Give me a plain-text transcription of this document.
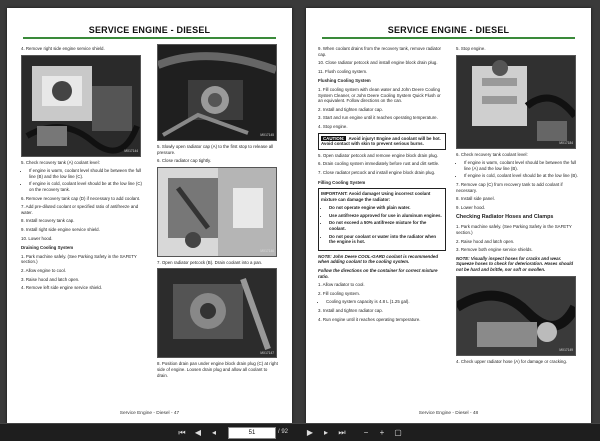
SERVICE ENGINE - DIESEL

4. Remove right side engine service shield.

MX17144

5. Check recovery tank (A) coolant level:

• If engine is warm, coolant level should be between the full line (B) and the low line (C).
• If engine is cold, coolant level should be at the low line (C) on the recovery tank.

6. Remove recovery tank cap (D) if necessary to add coolant.

7. Add pre-diluted coolant or specified ratio of antifreeze and water.

8. Install recovery tank cap.

9. Install right side engine service shield.

10. Lower hood.

Draining Cooling System

1. Park machine safely. (See Parking Safety in the SAFETY section.)

2. Allow engine to cool.

3. Raise hood and latch open.

4. Remove left side engine service shield.

MX17145

5. Slowly open radiator cap (A) to the first stop to release all pressure.

6. Close radiator cap tightly.

MX17146

7. Open radiator petcock (B). Drain coolant into a pan.

MX17147

8. Position drain pan under engine block drain plug (C) at right side of engine. Loosen drain plug and allow all coolant to drain.

Service Engine - Diesel - 47
SERVICE ENGINE - DIESEL

9. When coolant drains from the recovery tank, remove radiator cap.

10. Close radiator petcock and install engine block drain plug.

11. Flush cooling system.

Flushing Cooling System

1. Fill cooling system with clean water and John Deere Cooling System Cleaner, or John Deere Cooling System Quick Flush or an equivalent. Follow directions on the can.

2. Install and tighten radiator cap.

3. Start and run engine until it reaches operating temperature.

4. Stop engine.

CAUTION: Avoid injury! Engine and coolant will be hot. Avoid contact with skin to prevent serious burns.

5. Open radiator petcock and remove engine block drain plug.

6. Drain cooling system immediately before rust and dirt settle.

7. Close radiator petcock and install engine block drain plug.

Filling Cooling System

IMPORTANT: Avoid damage! Using incorrect coolant mixture can damage the radiator:

• Do not operate engine with plain water.
• Use antifreeze approved for use in aluminum engines.
• Do not exceed a 50% antifreeze mixture for the coolant.
• Do not pour coolant or water into the radiator when the engine is hot.

NOTE: John Deere COOL-GARD coolant is recommended when adding coolant to the cooling system.

Follow the directions on the container for correct mixture ratio.

1. Allow radiator to cool.

2. Fill cooling system.

• Cooling system capacity is 4.8 L (1.25 gal).

3. Install and tighten radiator cap.

4. Run engine until it reaches operating temperature.

5. Stop engine.

MX17184

6. Check recovery tank coolant level:

• If engine is warm, coolant level should be between the full line (A) and the low line (B).
• If engine is cold, coolant level should be at the low line (B).

7. Remove cap (C) from recovery tank to add coolant if necessary.

8. Install side panel.

9. Lower hood.

Checking Radiator Hoses and Clamps

1. Park machine safely. (See Parking Safety in the SAFETY section.)

2. Raise hood and latch open.

3. Remove both engine service shields.

NOTE: Visually inspect hoses for cracks and wear. Squeeze hoses to check for deterioration. Hoses should not be hard and brittle, nor soft or swollen.

MX17149

4. Check upper radiator hose (A) for damage or cracking.

Service Engine - Diesel - 48
⏮	◀	◂	51	/ 92	▶	▸	⏭	−	+	▢
